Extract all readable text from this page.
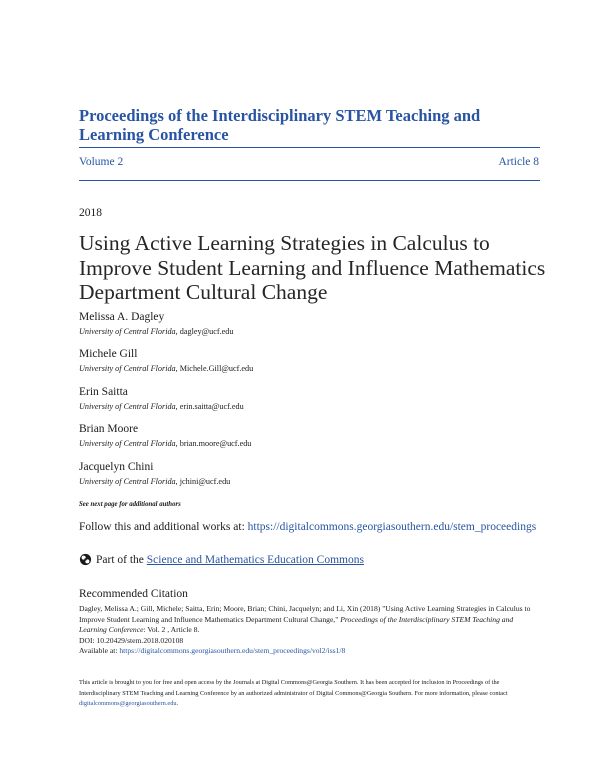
Proceedings of the Interdisciplinary STEM Teaching and Learning Conference
Volume 2	Article 8
2018
Using Active Learning Strategies in Calculus to Improve Student Learning and Influence Mathematics Department Cultural Change
Melissa A. Dagley
University of Central Florida, dagley@ucf.edu
Michele Gill
University of Central Florida, Michele.Gill@ucf.edu
Erin Saitta
University of Central Florida, erin.saitta@ucf.edu
Brian Moore
University of Central Florida, brian.moore@ucf.edu
Jacquelyn Chini
University of Central Florida, jchini@ucf.edu
See next page for additional authors
Follow this and additional works at: https://digitalcommons.georgiasouthern.edu/stem_proceedings
Part of the Science and Mathematics Education Commons
Recommended Citation
Dagley, Melissa A.; Gill, Michele; Saitta, Erin; Moore, Brian; Chini, Jacquelyn; and Li, Xin (2018) "Using Active Learning Strategies in Calculus to Improve Student Learning and Influence Mathematics Department Cultural Change," Proceedings of the Interdisciplinary STEM Teaching and Learning Conference: Vol. 2 , Article 8.
DOI: 10.20429/stem.2018.020108
Available at: https://digitalcommons.georgiasouthern.edu/stem_proceedings/vol2/iss1/8
This article is brought to you for free and open access by the Journals at Digital Commons@Georgia Southern. It has been accepted for inclusion in Proceedings of the Interdisciplinary STEM Teaching and Learning Conference by an authorized administrator of Digital Commons@Georgia Southern. For more information, please contact digitalcommons@georgiasouthern.edu.
